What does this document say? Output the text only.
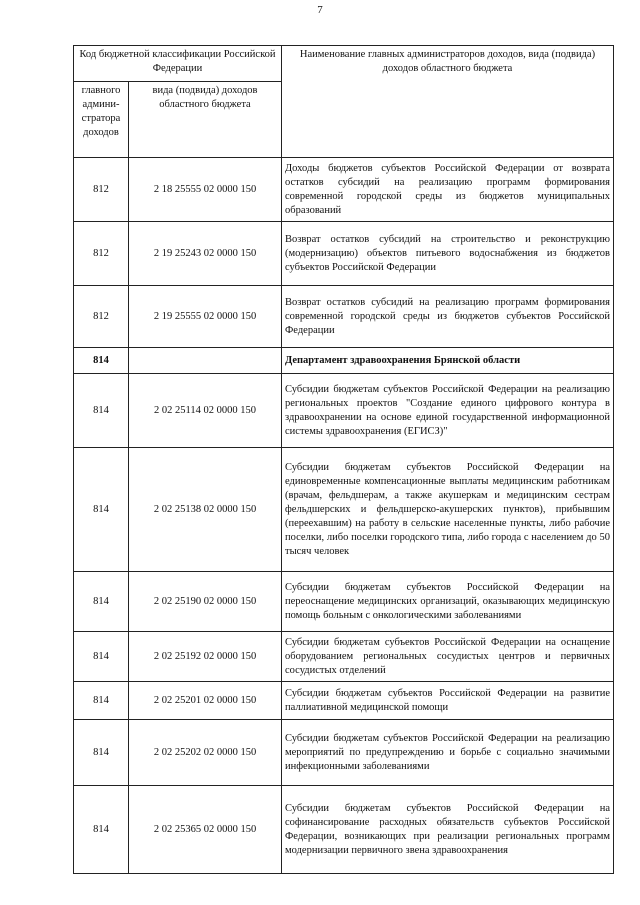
7
Код бюджетной классификации Российской Федерации		Наименование главных администраторов доходов, вида (подвида) доходов областного бюджета
главного админи-стратора доходов	вида (подвида) доходов областного бюджета	
812	2 18 25555 02 0000 150	Доходы бюджетов субъектов Российской Федерации от возврата остатков субсидий на реализацию программ формирования современной городской среды из бюджетов муниципальных образований
812	2 19 25243 02 0000 150	Возврат остатков субсидий на строительство и реконструкцию (модернизацию) объектов питьевого водоснабжения из бюджетов субъектов Российской Федерации
812	2 19 25555 02 0000 150	Возврат остатков субсидий на реализацию программ формирования современной городской среды из бюджетов субъектов Российской Федерации
814		Департамент здравоохранения Брянской области
814	2 02 25114 02 0000 150	Субсидии бюджетам субъектов Российской Федерации на реализацию региональных проектов "Создание единого цифрового контура в здравоохранении на основе единой государственной информационной системы здравоохранения (ЕГИСЗ)"
814	2 02 25138 02 0000 150	Субсидии бюджетам субъектов Российской Федерации на единовременные компенсационные выплаты медицинским работникам (врачам, фельдшерам, а также акушеркам и медицинским сестрам фельдшерских и фельдшерско-акушерских пунктов), прибывшим (переехавшим) на работу в сельские населенные пункты, либо рабочие поселки, либо поселки городского типа, либо города с населением до 50 тысяч человек
814	2 02 25190 02 0000 150	Субсидии бюджетам субъектов Российской Федерации на переоснащение медицинских организаций, оказывающих медицинскую помощь больным с онкологическими заболеваниями
814	2 02 25192 02 0000 150	Субсидии бюджетам субъектов Российской Федерации на оснащение оборудованием региональных сосудистых центров и первичных сосудистых отделений
814	2 02 25201 02 0000 150	Субсидии бюджетам субъектов Российской Федерации на развитие паллиативной медицинской помощи
814	2 02 25202 02 0000 150	Субсидии бюджетам субъектов Российской Федерации на реализацию мероприятий по предупреждению и борьбе с социально значимыми инфекционными заболеваниями
814	2 02 25365 02 0000 150	Субсидии бюджетам субъектов Российской Федерации на софинансирование расходных обязательств субъектов Российской Федерации, возникающих при реализации региональных программ модернизации первичного звена здравоохранения
